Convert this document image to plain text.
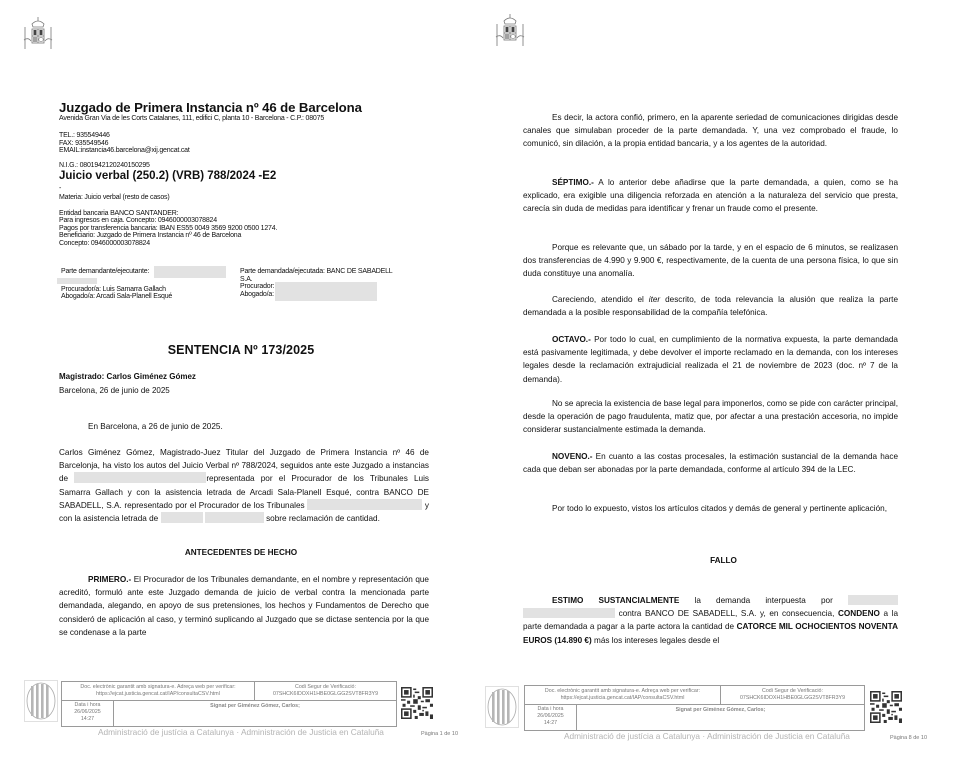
Juzgado de Primera Instancia nº 46 de Barcelona
Avenida Gran Via de les Corts Catalanes, 111, edifici C, planta 10 - Barcelona - C.P.: 08075
TEL.: 935549446
FAX: 935549546
EMAIL:instancia46.barcelona@xij.gencat.cat
N.I.G.: 0801942120240150295
Juicio verbal (250.2) (VRB) 788/2024 -E2
-
Materia: Juicio verbal (resto de casos)
Entidad bancaria BANCO SANTANDER:
Para ingresos en caja. Concepto: 0946000003078824
Pagos por transferencia bancaria: IBAN ES55 0049 3569 9200 0500 1274.
Beneficiario: Juzgado de Primera Instancia nº 46 de Barcelona
Concepto: 0946000003078824
Parte demandante/ejecutante:
Procurador/a: Luis Samarra Gallach
Abogado/a: Arcadi Sala-Planell Esqué
Parte demandada/ejecutada: BANC DE SABADELL
S.A.
Procurador:
Abogado/a:
SENTENCIA Nº 173/2025
Magistrado: Carlos Giménez Gómez
Barcelona, 26 de junio de 2025
En Barcelona, a 26 de junio de 2025.
Carlos Giménez Gómez, Magistrado-Juez Titular del Juzgado de Primera Instancia nº 46 de Barcelonja, ha visto los autos del Juicio Verbal nº 788/2024, seguidos ante este Juzgado a instancias de	representada por el Procurador de los Tribunales Luis Samarra Gallach y con la asistencia letrada de Arcadi Sala-Planell Esqué, contra BANCO DE SABADELL, S.A. representado por el Procurador de los Tribunales	y con la asistencia letrada de	sobre reclamación de cantidad.
ANTECEDENTES DE HECHO
PRIMERO.- El Procurador de los Tribunales demandante, en el nombre y representación que acreditó, formuló ante este Juzgado demanda de juicio de verbal contra la mencionada parte demandada, alegando, en apoyo de sus pretensiones, los hechos y Fundamentos de Derecho que consideró de aplicación al caso, y terminó suplicando al Juzgado que se dictase sentencia por la que se condenase a la parte
Doc. electrònic garantit amb signatura-e. Adreça web per verificar:
https://ejcat.justicia.gencat.cat/IAP/consultaCSV.html
Codi Segur de Verificació:
07SHCK6IDOXH1HBE0GLGG2SVT8FR3Y9
Data i hora
26/06/2025
14:27
Signat per Giménez Gómez, Carlos;
Administració de justícia a Catalunya · Administración de Justicia en Cataluña	Pàgina 1 de 10
Es decir, la actora confió, primero, en la aparente seriedad de comunicaciones dirigidas desde canales que simulaban proceder de la parte demandada. Y, una vez comprobado el fraude, lo comunicó, sin dilación, a la propia entidad bancaria, y a los agentes de la autoridad.
SÉPTIMO.- A lo anterior debe añadirse que la parte demandada, a quien, como se ha explicado, era exigible una diligencia reforzada en atención a la naturaleza del servicio que presta, carecía sin duda de medidas para identificar y frenar un fraude como el presente.
Porque es relevante que, un sábado por la tarde, y en el espacio de 6 minutos, se realizasen dos transferencias de 4.990 y 9.900 €, respectivamente, de la cuenta de una persona física, lo que sin duda constituye una anomalía.
Careciendo, atendido el iter descrito, de toda relevancia la alusión que realiza la parte demandada a la posible responsabilidad de la compañía telefónica.
OCTAVO.- Por todo lo cual, en cumplimiento de la normativa expuesta, la parte demandada está pasivamente legitimada, y debe devolver el importe reclamado en la demanda, con los intereses legales desde la reclamación extrajudicial realizada el 21 de noviembre de 2023 (doc. nº 7 de la demanda).
No se aprecia la existencia de base legal para imponerlos, como se pide con carácter principal, desde la operación de pago fraudulenta, matiz que, por afectar a una prestación accesoria, no impide considerar sustancialmente estimada la demanda.
NOVENO.- En cuanto a las costas procesales, la estimación sustancial de la demanda hace cada que deban ser abonadas por la parte demandada, conforme al artículo 394 de la LEC.
Por todo lo expuesto, vistos los artículos citados y demás de general y pertinente aplicación,
FALLO
ESTIMO SUSTANCIALMENTE la demanda interpuesta por   contra BANCO DE SABADELL, S.A. y, en consecuencia, CONDENO a la parte demandada a pagar a la parte actora la cantidad de CATORCE MIL OCHOCIENTOS NOVENTA EUROS (14.890 €) más los intereses legales desde el
Doc. electrònic garantit amb signatura-e. Adreça web per verificar:
https://ejcat.justicia.gencat.cat/IAP/consultaCSV.html
Codi Segur de Verificació:
07SHCK6IDOXH1HBE0GLGG2SVT8FR3Y9
Data i hora
26/06/2025
14:27
Signat per Giménez Gómez, Carlos;
Administració de justícia a Catalunya · Administración de Justicia en Cataluña	Pàgina 8 de 10
